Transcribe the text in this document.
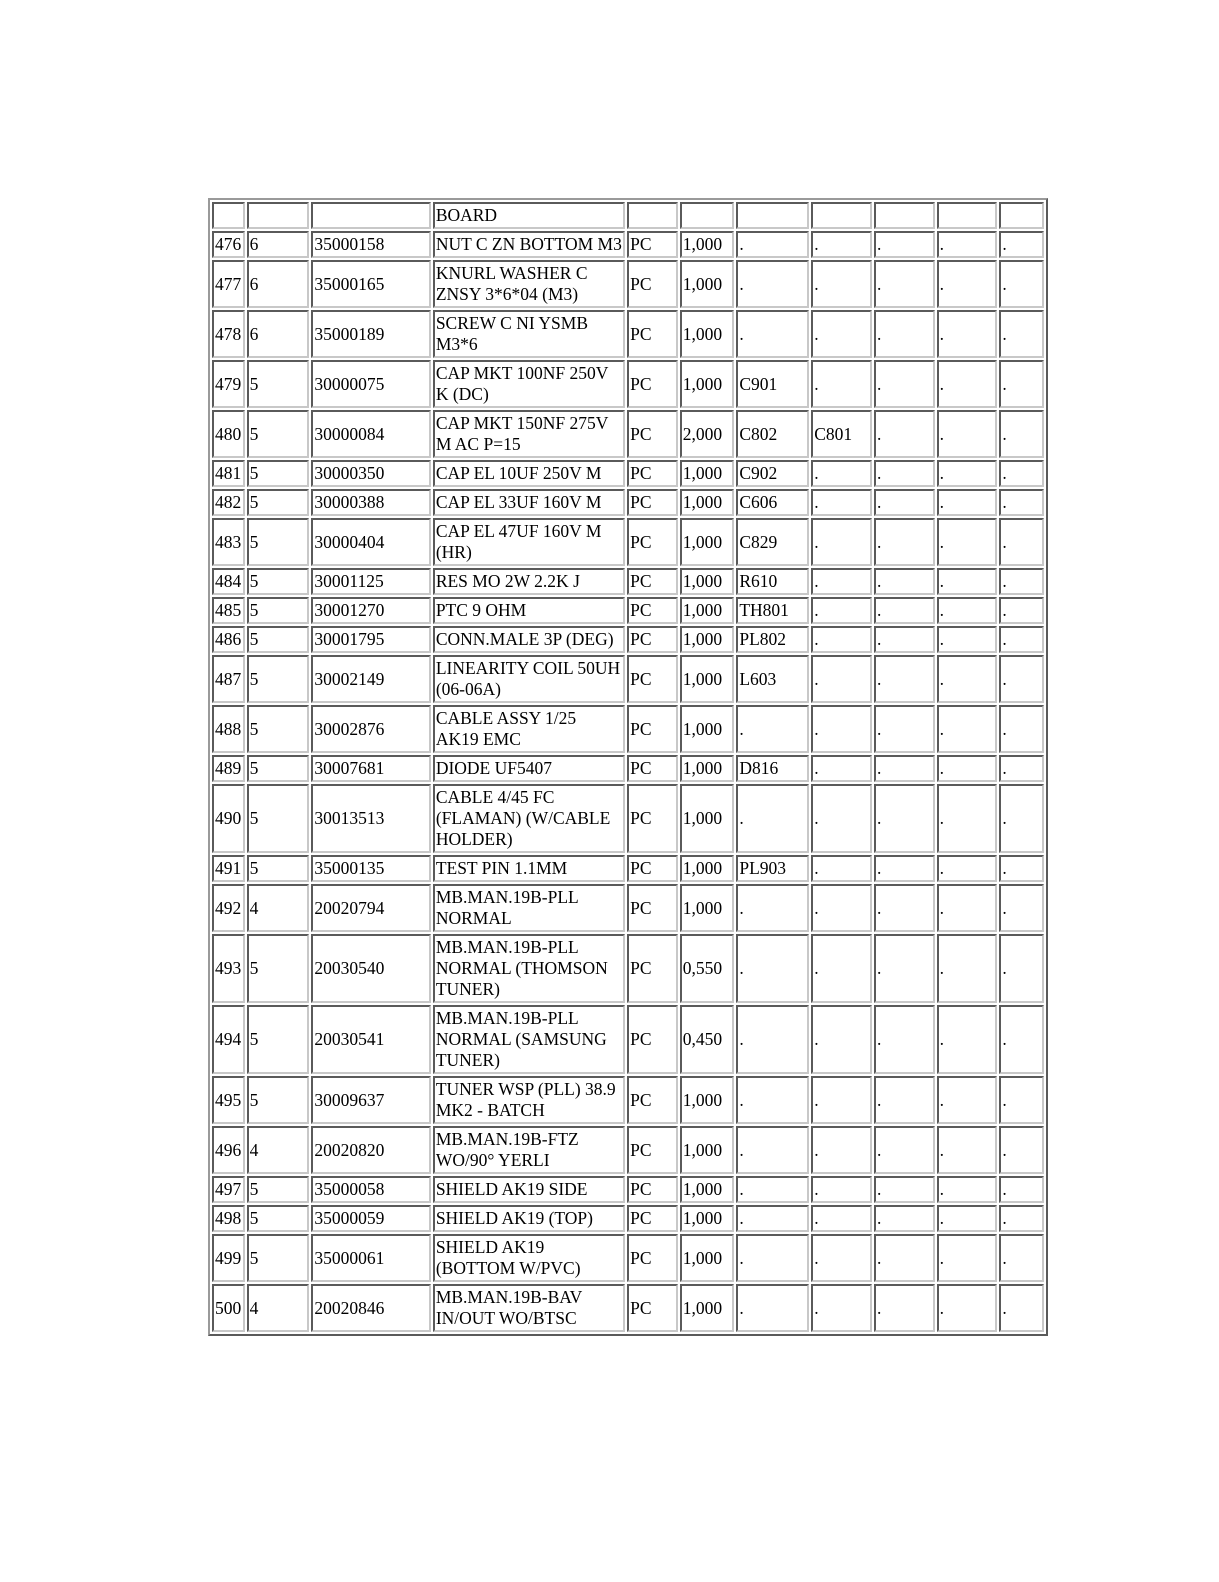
			BOARD							
476	6	35000158	NUT C ZN BOTTOM M3	PC	1,000	.	.	.	.	.
477	6	35000165	KNURL WASHER C ZNSY 3*6*04 (M3)	PC	1,000	.	.	.	.	.
478	6	35000189	SCREW C NI YSMB M3*6	PC	1,000	.	.	.	.	.
479	5	30000075	CAP MKT 100NF 250V K (DC)	PC	1,000	C901	.	.	.	.
480	5	30000084	CAP MKT 150NF 275V M AC P=15	PC	2,000	C802	C801	.	.	.
481	5	30000350	CAP EL 10UF 250V M	PC	1,000	C902	.	.	.	.
482	5	30000388	CAP EL 33UF 160V M	PC	1,000	C606	.	.	.	.
483	5	30000404	CAP EL 47UF 160V M (HR)	PC	1,000	C829	.	.	.	.
484	5	30001125	RES MO 2W 2.2K J	PC	1,000	R610	.	.	.	.
485	5	30001270	PTC 9 OHM	PC	1,000	TH801	.	.	.	.
486	5	30001795	CONN.MALE 3P (DEG)	PC	1,000	PL802	.	.	.	.
487	5	30002149	LINEARITY COIL 50UH (06-06A)	PC	1,000	L603	.	.	.	.
488	5	30002876	CABLE ASSY 1/25 AK19 EMC	PC	1,000	.	.	.	.	.
489	5	30007681	DIODE UF5407	PC	1,000	D816	.	.	.	.
490	5	30013513	CABLE 4/45 FC (FLAMAN) (W/CABLE HOLDER)	PC	1,000	.	.	.	.	.
491	5	35000135	TEST PIN 1.1MM	PC	1,000	PL903	.	.	.	.
492	4	20020794	MB.MAN.19B-PLL NORMAL	PC	1,000	.	.	.	.	.
493	5	20030540	MB.MAN.19B-PLL NORMAL (THOMSON TUNER)	PC	0,550	.	.	.	.	.
494	5	20030541	MB.MAN.19B-PLL NORMAL (SAMSUNG TUNER)	PC	0,450	.	.	.	.	.
495	5	30009637	TUNER WSP (PLL) 38.9 MK2 - BATCH	PC	1,000	.	.	.	.	.
496	4	20020820	MB.MAN.19B-FTZ WO/90° YERLI	PC	1,000	.	.	.	.	.
497	5	35000058	SHIELD AK19 SIDE	PC	1,000	.	.	.	.	.
498	5	35000059	SHIELD AK19 (TOP)	PC	1,000	.	.	.	.	.
499	5	35000061	SHIELD AK19 (BOTTOM W/PVC)	PC	1,000	.	.	.	.	.
500	4	20020846	MB.MAN.19B-BAV IN/OUT WO/BTSC	PC	1,000	.	.	.	.	.
